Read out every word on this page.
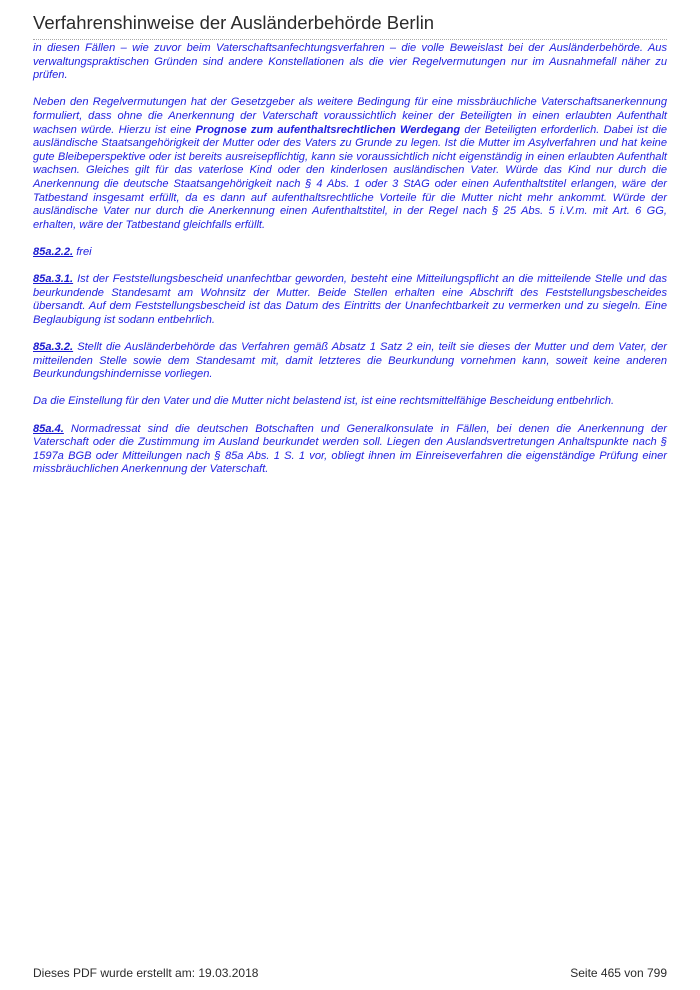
Verfahrenshinweise der Ausländerbehörde Berlin

in diesen Fällen – wie zuvor beim Vaterschaftsanfechtungsverfahren – die volle Beweislast bei der Ausländerbehörde. Aus verwaltungspraktischen Gründen sind andere Konstellationen als die vier Regelvermutungen nur im Ausnahmefall näher zu prüfen.

Neben den Regelvermutungen hat der Gesetzgeber als weitere Bedingung für eine missbräuchliche Vaterschaftsanerkennung formuliert, dass ohne die Anerkennung der Vaterschaft voraussichtlich keiner der Beteiligten in einen erlaubten Aufenthalt wachsen würde. Hierzu ist eine Prognose zum aufenthaltsrechtlichen Werdegang der Beteiligten erforderlich. Dabei ist die ausländische Staatsangehörigkeit der Mutter oder des Vaters zu Grunde zu legen. Ist die Mutter im Asylverfahren und hat keine gute Bleibeperspektive oder ist bereits ausreisepflichtig, kann sie voraussichtlich nicht eigenständig in einen erlaubten Aufenthalt wachsen. Gleiches gilt für das vaterlose Kind oder den kinderlosen ausländischen Vater. Würde das Kind nur durch die Anerkennung die deutsche Staatsangehörigkeit nach § 4 Abs. 1 oder 3 StAG oder einen Aufenthaltstitel erlangen, wäre der Tatbestand insgesamt erfüllt, da es dann auf aufenthaltsrechtliche Vorteile für die Mutter nicht mehr ankommt. Würde der ausländische Vater nur durch die Anerkennung einen Aufenthaltstitel, in der Regel nach § 25 Abs. 5 i.V.m. mit Art. 6 GG, erhalten, wäre der Tatbestand gleichfalls erfüllt.

85a.2.2. frei

85a.3.1. Ist der Feststellungsbescheid unanfechtbar geworden, besteht eine Mitteilungspflicht an die mitteilende Stelle und das beurkundende Standesamt am Wohnsitz der Mutter. Beide Stellen erhalten eine Abschrift des Feststellungsbescheides übersandt. Auf dem Feststellungsbescheid ist das Datum des Eintritts der Unanfechtbarkeit zu vermerken und zu siegeln. Eine Beglaubigung ist sodann entbehrlich.

85a.3.2. Stellt die Ausländerbehörde das Verfahren gemäß Absatz 1 Satz 2 ein, teilt sie dieses der Mutter und dem Vater, der mitteilenden Stelle sowie dem Standesamt mit, damit letzteres die Beurkundung vornehmen kann, soweit keine anderen Beurkundungshindernisse vorliegen.

Da die Einstellung für den Vater und die Mutter nicht belastend ist, ist eine rechtsmittelfähige Bescheidung entbehrlich.

85a.4. Normadressat sind die deutschen Botschaften und Generalkonsulate in Fällen, bei denen die Anerkennung der Vaterschaft oder die Zustimmung im Ausland beurkundet werden soll. Liegen den Auslandsvertretungen Anhaltspunkte nach § 1597a BGB oder Mitteilungen nach § 85a Abs. 1 S. 1 vor, obliegt ihnen im Einreiseverfahren die eigenständige Prüfung einer missbräuchlichen Anerkennung der Vaterschaft.

Dieses PDF wurde erstellt am: 19.03.2018	Seite 465 von 799
